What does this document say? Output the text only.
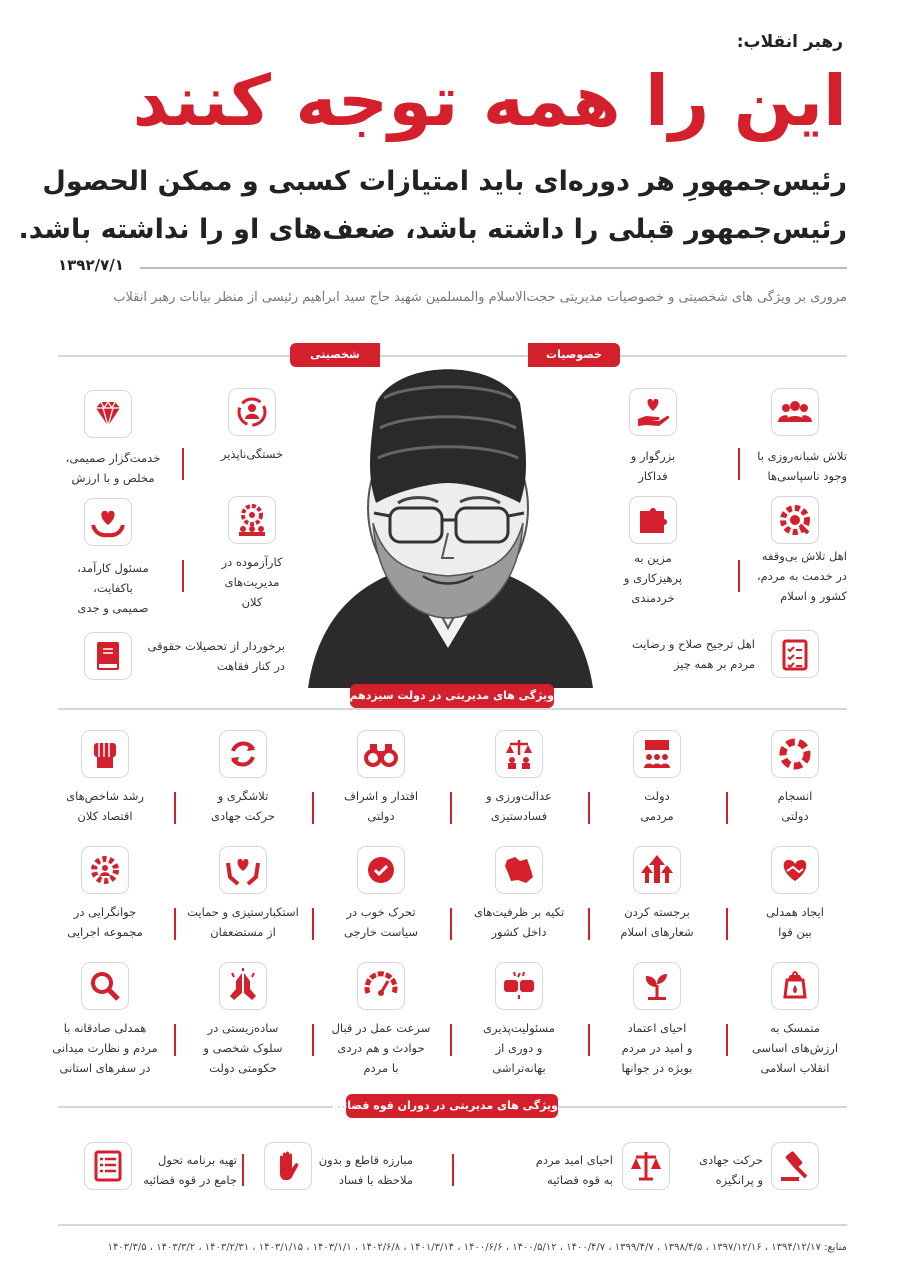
رهبر انقلاب:
این را همه توجه کنند
رئیس‌جمهورِ هر دوره‌ای باید امتیازات کسبی و ممکن الحصول
رئیس‌جمهور قبلی را داشته باشد، ضعف‌های او را نداشته باشد.
۱۳۹۲/۷/۱
مروری بر ویژگی های شخصیتی و خصوصیات مدیریتی حجت‌الاسلام والمسلمین شهید حاج سید ابراهیم رئیسی از منظر بیانات رهبر انقلاب
شخصیتی	خصوصیات
تلاش شبانه‌روزی با
وجود ناسپاسی‌ها
بزرگوار و
فداکار
اهل تلاش بی‌وقفه
در خدمت به مردم،
کشور و اسلام
مزین به
پرهیزکاری و
خردمندی
اهل ترجیح صلاح و رضایت
مردم بر همه چیز
خدمت‌گزار صمیمی،
مخلص و با ارزش
خستگی‌ناپذیر
مسئول کارآمد،
باکفایت،
صمیمی و جدی
کارآزموده در
مدیریت‌های
کلان
برخوردار از تحصیلات حقوقی
در کنار فقاهت
ویژگی های مدیریتی در دولت سیزدهم
انسجام
دولتی
دولت
مردمی
عدالت‌ورزی و
فسادستیزی
اقتدار و اشراف
دولتی
تلاشگری و
حرکت جهادی
رشد شاخص‌های
اقتصاد کلان
ایجاد همدلی
بین قوا
برجسته کردن
شعارهای اسلام
تکیه بر ظرفیت‌های
داخل کشور
تحرک خوب در
سیاست خارجی
استکبارستیزی و حمایت
از مستضعفان
جوانگرایی در
مجموعه اجرایی
متمسک به
ارزش‌های اساسی
انقلاب اسلامی
احیای اعتماد
و امید در مردم
بویژه در جوانها
مسئولیت‌پذیری
و دوری از
بهانه‌تراشی
سرعت عمل در قبال
حوادث و هم دردی
با مردم
ساده‌زیستی در
سلوک شخصی و
حکومتی دولت
همدلی صادقانه با
مردم و نظارت میدانی
در سفرهای استانی
ویژگی های مدیریتی در دوران قوه قضائیه
حرکت جهادی
و پرانگیزه
احیای امید مردم
به قوه قضائیه
مبارزه قاطع و بدون
ملاحظه با فساد
تهیه برنامه تحول
جامع در قوه قضائیه
منابع: ۱۳۹۴/۱۲/۱۷ ، ۱۳۹۷/۱۲/۱۶ ، ۱۳۹۸/۴/۵ ، ۱۳۹۹/۴/۷ ، ۱۴۰۰/۴/۷ ، ۱۴۰۰/۵/۱۲ ، ۱۴۰۰/۶/۶ ، ۱۴۰۱/۳/۱۴ ، ۱۴۰۲/۶/۸ ، ۱۴۰۳/۱/۱ ، ۱۴۰۳/۱/۱۵ ، ۱۴۰۳/۲/۳۱ ، ۱۴۰۳/۳/۲ ، ۱۴۰۳/۳/۵
